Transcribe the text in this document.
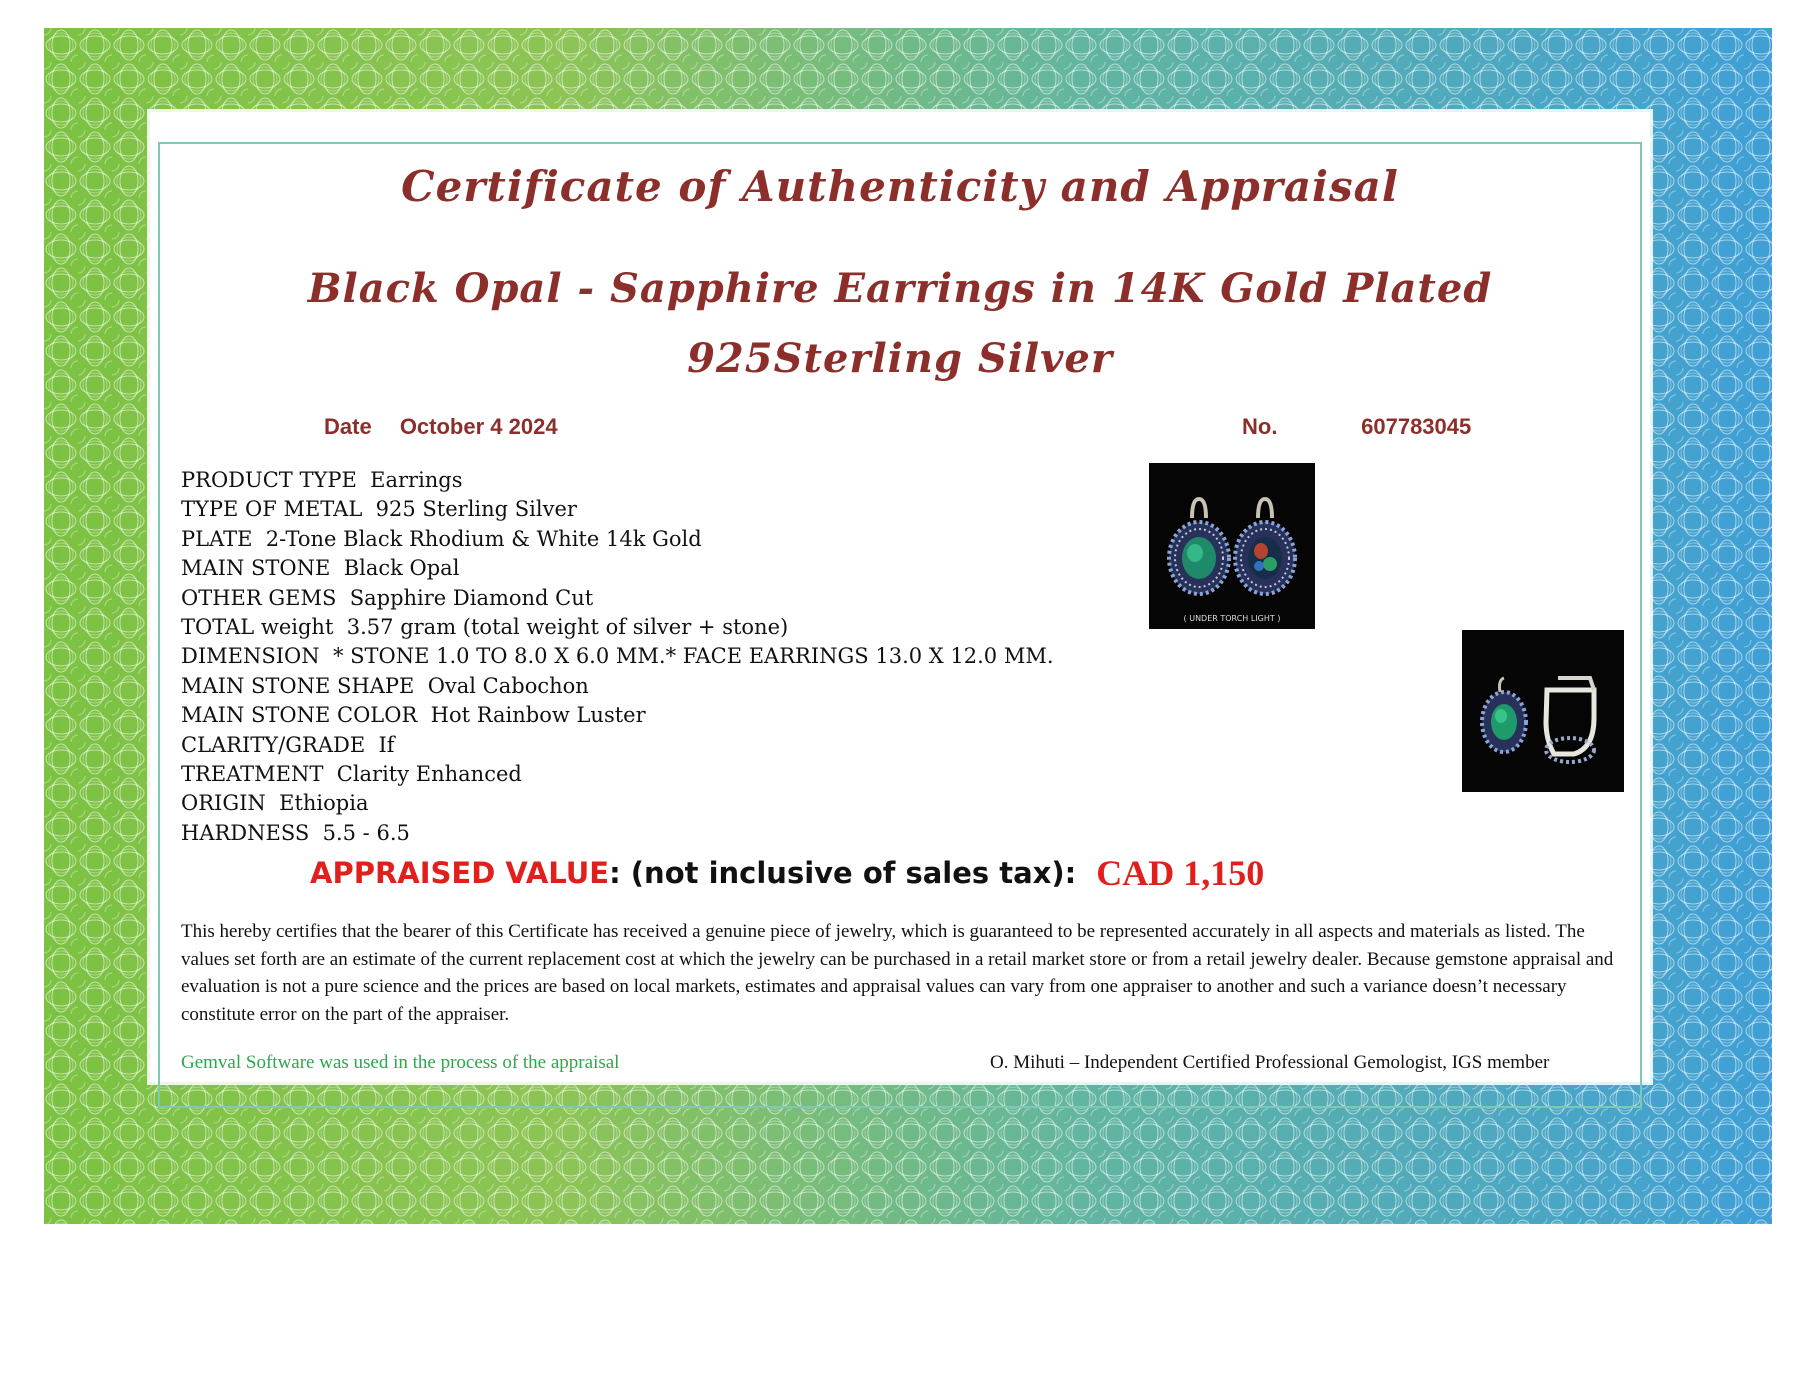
Certificate of Authenticity and Appraisal
Black Opal - Sapphire Earrings in 14K Gold Plated 925Sterling Silver
Date October 4 2024	No.	607783045
PRODUCT TYPE Earrings
TYPE OF METAL 925 Sterling Silver
PLATE 2-Tone Black Rhodium & White 14k Gold
MAIN STONE Black Opal
OTHER GEMS Sapphire Diamond Cut
TOTAL weight 3.57 gram (total weight of silver + stone)
DIMENSION * STONE 1.0 TO 8.0 X 6.0 MM.* FACE EARRINGS 13.0 X 12.0 MM.
MAIN STONE SHAPE Oval Cabochon
MAIN STONE COLOR Hot Rainbow Luster
CLARITY/GRADE If
TREATMENT Clarity Enhanced
ORIGIN Ethiopia
HARDNESS 5.5 - 6.5
APPRAISED VALUE: (not inclusive of sales tax): CAD 1,150
This hereby certifies that the bearer of this Certificate has received a genuine piece of jewelry, which is guaranteed to be represented accurately in all aspects and materials as listed. The values set forth are an estimate of the current replacement cost at which the jewelry can be purchased in a retail market store or from a retail jewelry dealer. Because gemstone appraisal and evaluation is not a pure science and the prices are based on local markets, estimates and appraisal values can vary from one appraiser to another and such a variance doesn’t necessary constitute error on the part of the appraiser.
Gemval Software was used in the process of the appraisal	O. Mihuti – Independent Certified Professional Gemologist, IGS member
( UNDER TORCH LIGHT )
